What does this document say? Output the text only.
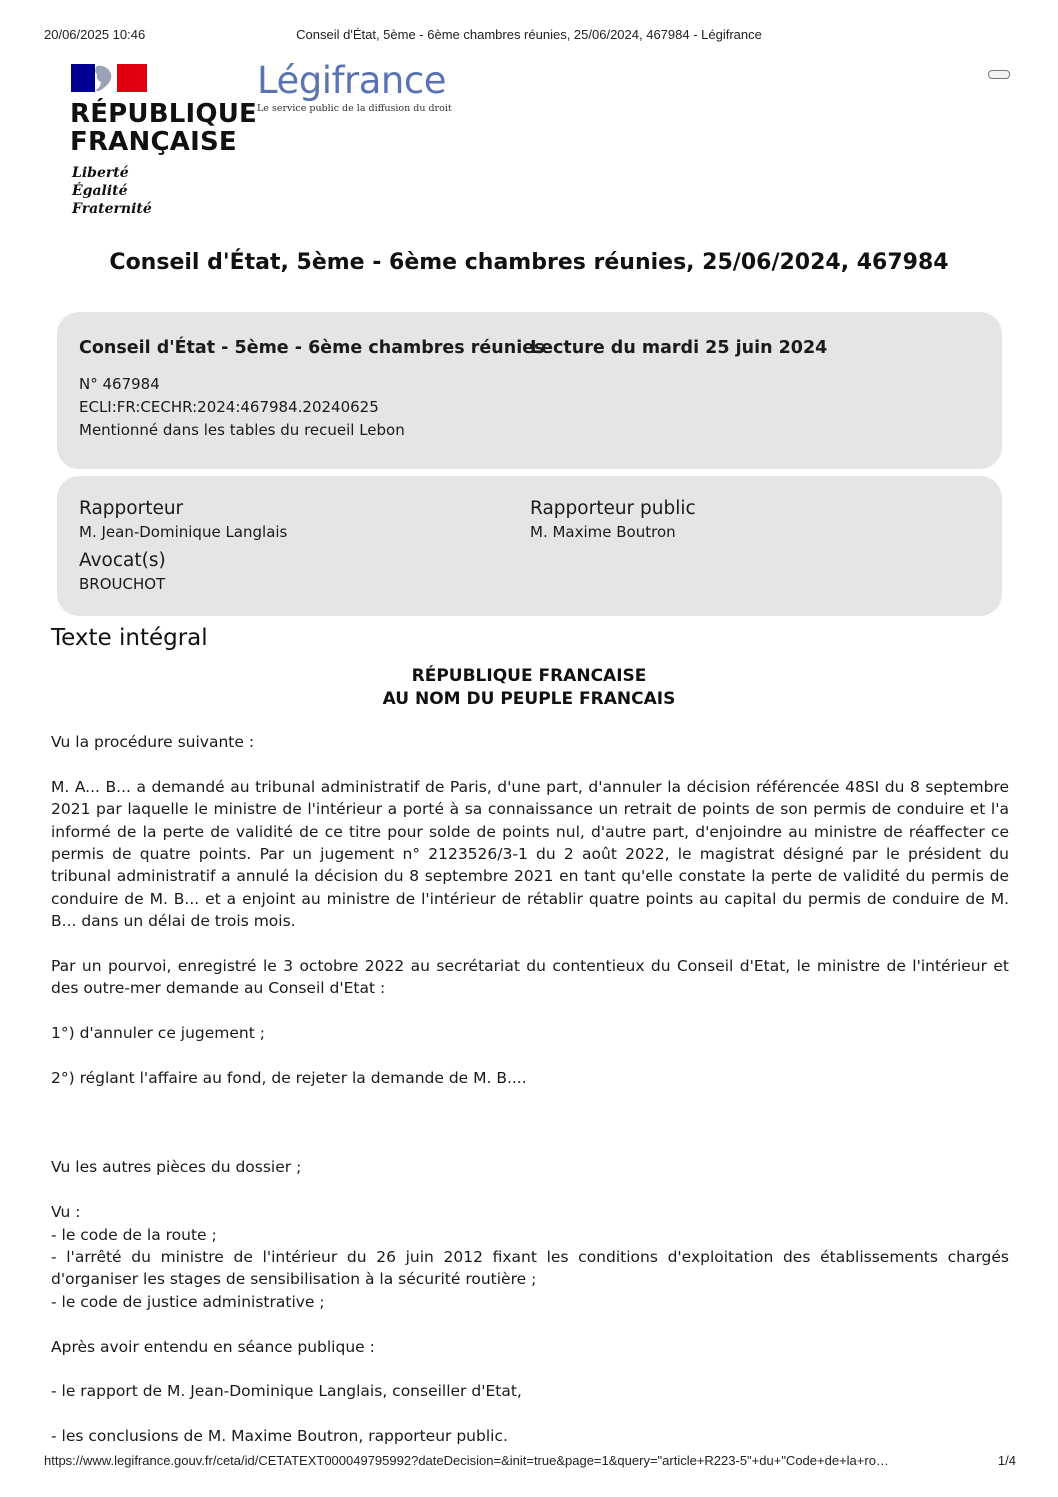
20/06/2025 10:46	Conseil d'État, 5ème - 6ème chambres réunies, 25/06/2024, 467984 - Légifrance
RÉPUBLIQUE
FRANÇAISE
Liberté
Égalité
Fraternité
Légifrance
Le service public de la diffusion du droit
Conseil d'État, 5ème - 6ème chambres réunies, 25/06/2024, 467984
Conseil d'État - 5ème - 6ème chambres réunies
N° 467984
ECLI:FR:CECHR:2024:467984.20240625
Mentionné dans les tables du recueil Lebon
Lecture du mardi 25 juin 2024
Rapporteur
M. Jean-Dominique Langlais
Avocat(s)
BROUCHOT
Rapporteur public
M. Maxime Boutron
Texte intégral
RÉPUBLIQUE FRANCAISE
AU NOM DU PEUPLE FRANCAIS

Vu la procédure suivante :

M. A... B... a demandé au tribunal administratif de Paris, d'une part, d'annuler la décision référencée 48SI du 8 septembre 2021 par laquelle le ministre de l'intérieur a porté à sa connaissance un retrait de points de son permis de conduire et l'a informé de la perte de validité de ce titre pour solde de points nul, d'autre part, d'enjoindre au ministre de réaffecter ce permis de quatre points. Par un jugement n° 2123526/3-1 du 2 août 2022, le magistrat désigné par le président du tribunal administratif a annulé la décision du 8 septembre 2021 en tant qu'elle constate la perte de validité du permis de conduire de M. B... et a enjoint au ministre de l'intérieur de rétablir quatre points au capital du permis de conduire de M. B... dans un délai de trois mois.

Par un pourvoi, enregistré le 3 octobre 2022 au secrétariat du contentieux du Conseil d'Etat, le ministre de l'intérieur et des outre-mer demande au Conseil d'Etat :

1°) d'annuler ce jugement ;

2°) réglant l'affaire au fond, de rejeter la demande de M. B....

Vu les autres pièces du dossier ;

Vu :
- le code de la route ;
- l'arrêté du ministre de l'intérieur du 26 juin 2012 fixant les conditions d'exploitation des établissements chargés d'organiser les stages de sensibilisation à la sécurité routière ;
- le code de justice administrative ;

Après avoir entendu en séance publique :

- le rapport de M. Jean-Dominique Langlais, conseiller d'Etat,

- les conclusions de M. Maxime Boutron, rapporteur public.

https://www.legifrance.gouv.fr/ceta/id/CETATEXT000049795992?dateDecision=&init=true&page=1&query="article+R223-5"+du+"Code+de+la+ro…	1/4
